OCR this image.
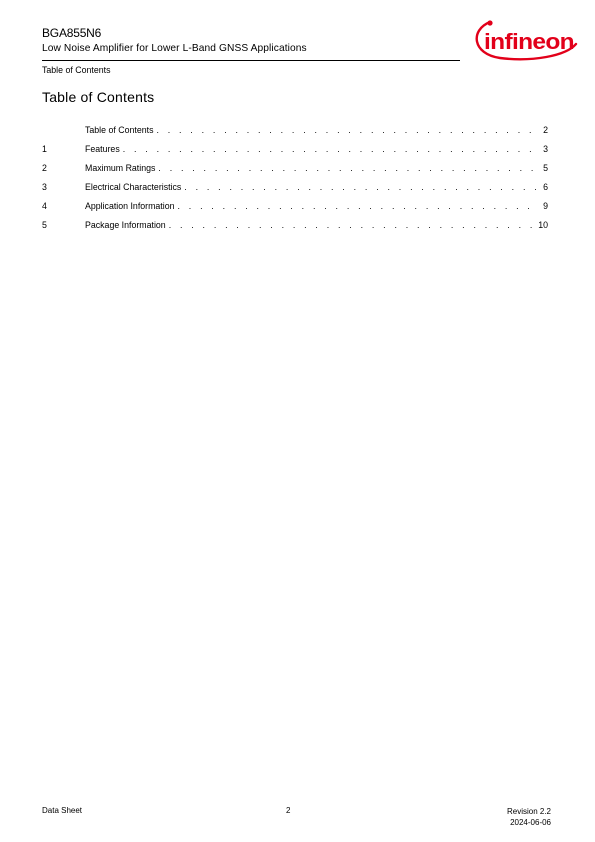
BGA855N6
Low Noise Amplifier for Lower L-Band GNSS Applications
Table of Contents
infineon
Table of Contents
Table of Contents . . .	2
1	Features . . .	3
2	Maximum Ratings . . .	5
3	Electrical Characteristics . . .	6
4	Application Information . . .	9
5	Package Information . . .	10
Data Sheet	2	Revision 2.2
2024-06-06
